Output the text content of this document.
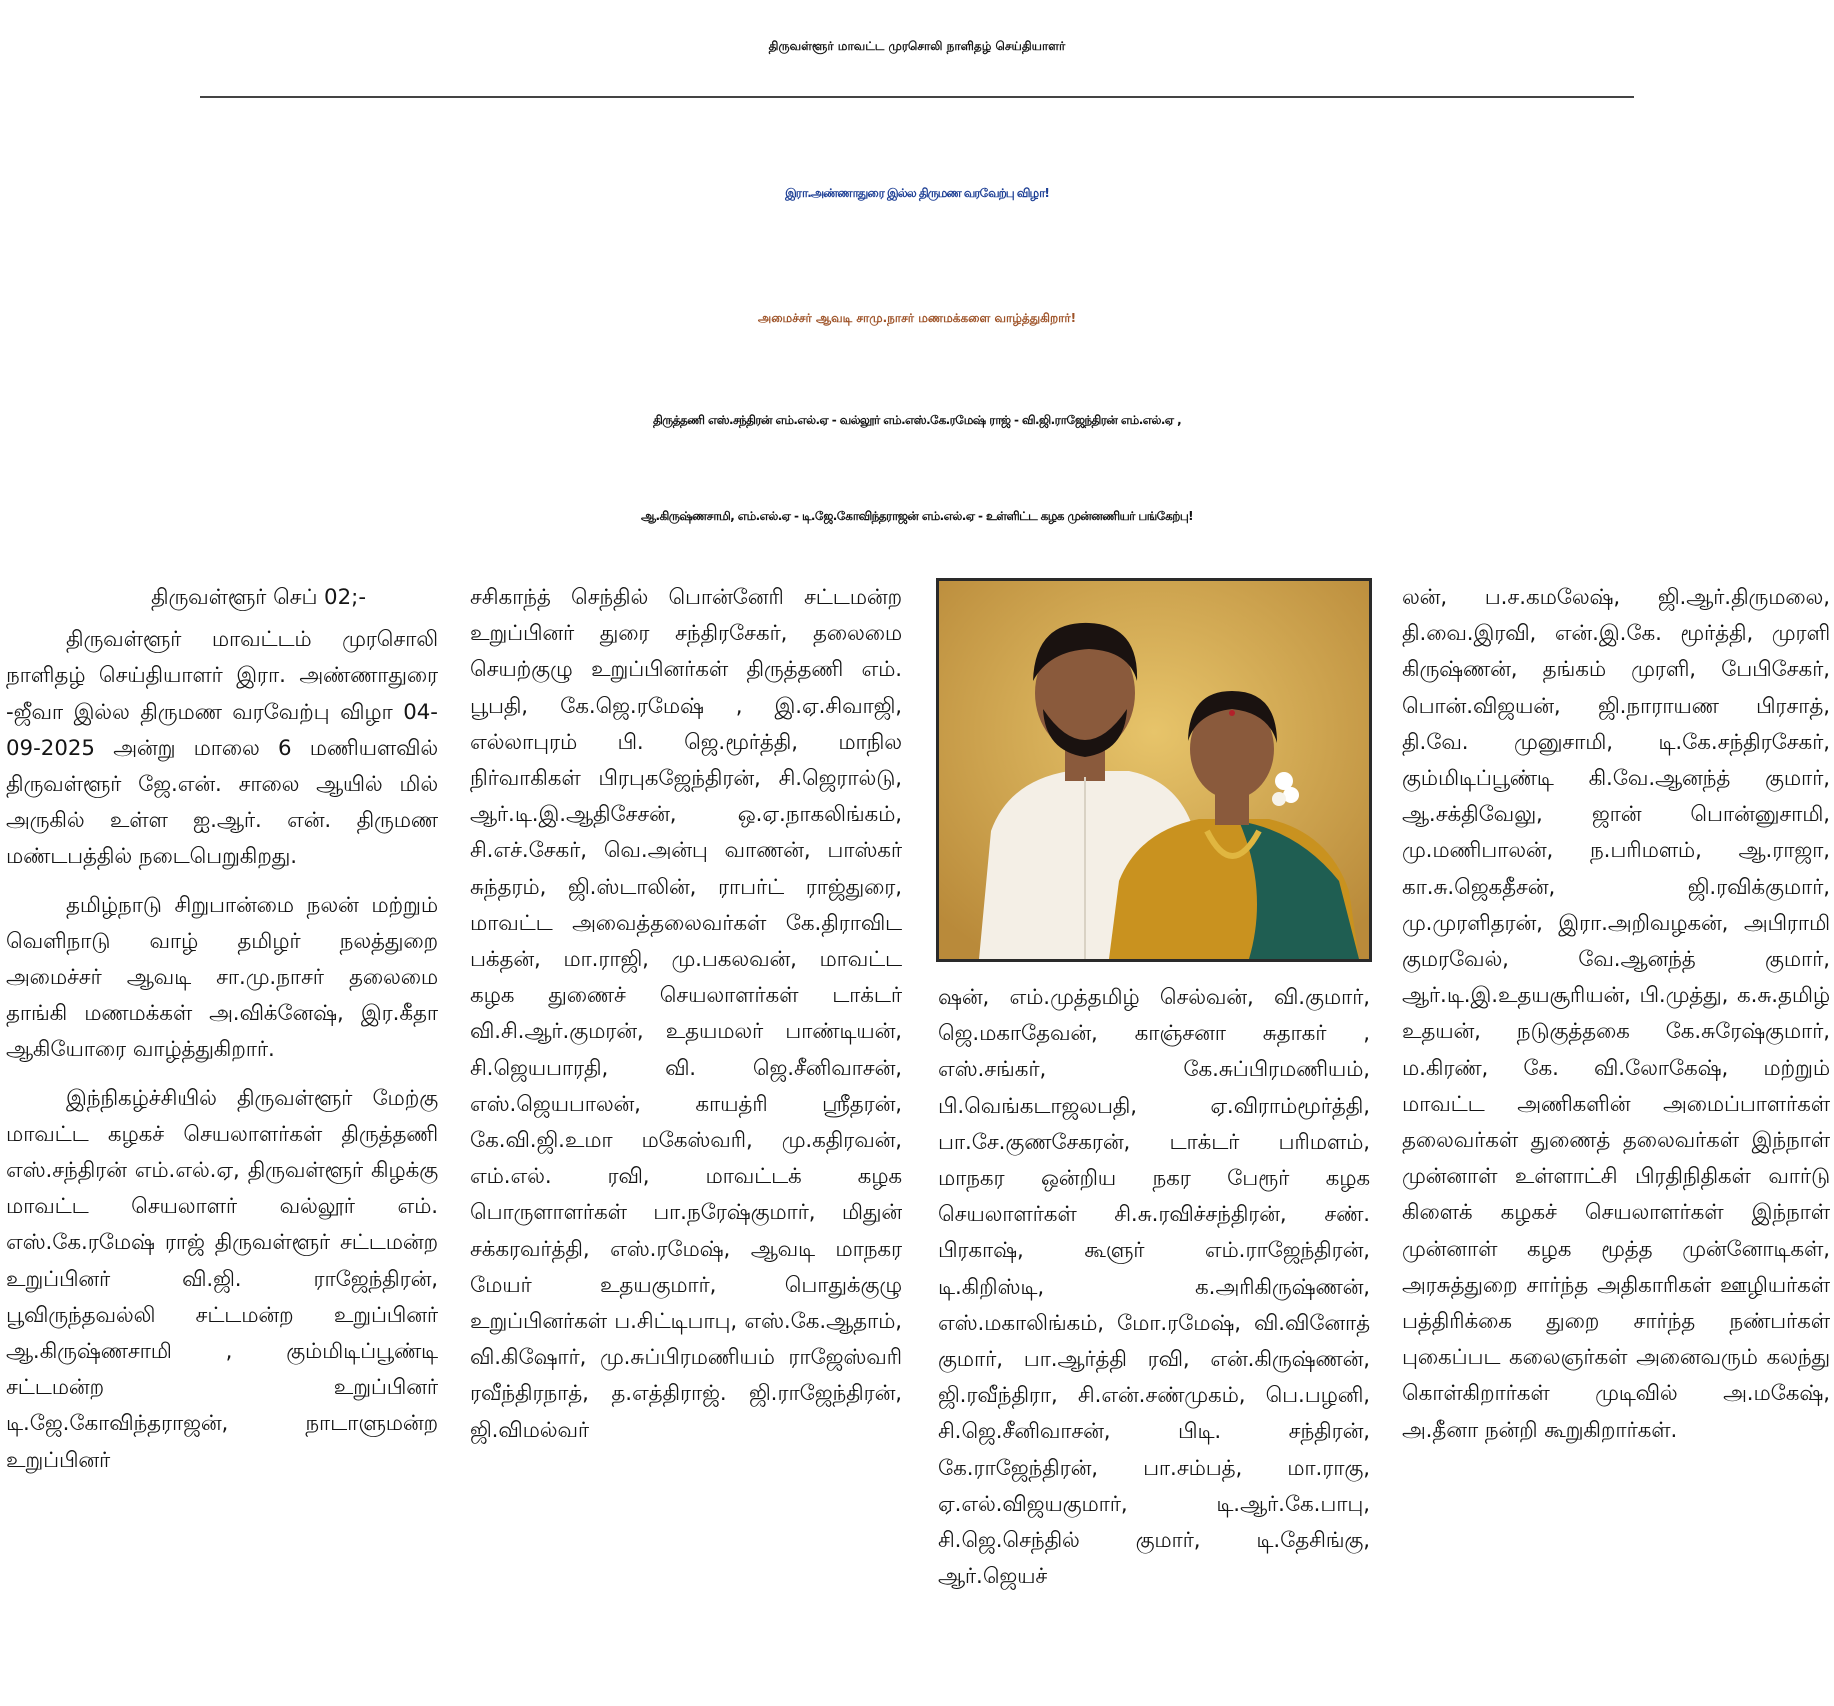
திருவள்ளூர் மாவட்ட முரசொலி நாளிதழ் செய்தியாளர்
இரா.அண்ணாதுரை இல்ல திருமண வரவேற்பு விழா!
அமைச்சர் ஆவடி சாமு.நாசர் மணமக்களை வாழ்த்துகிறார்!
திருத்தணி எஸ்.சந்திரன் எம்.எல்.ஏ - வல்லூர் எம்.எஸ்.கே.ரமேஷ் ராஜ் - வி.ஜி.ராஜேந்திரன் எம்.எல்.ஏ ,
ஆ.கிருஷ்ணசாமி, எம்.எல்.ஏ - டி.ஜே.கோவிந்தராஜன் எம்.எல்.ஏ - உள்ளிட்ட கழக முன்னணியர் பங்கேற்பு!

திருவள்ளூர் செப் 02;-

திருவள்ளூர் மாவட்டம் முரசொலி நாளிதழ் செய்தியாளர் இரா. அண்ணாதுரை -ஜீவா இல்ல திருமண வரவேற்பு விழா 04-09-2025 அன்று மாலை 6 மணியளவில் திருவள்ளூர் ஜே.என். சாலை ஆயில் மில் அருகில் உள்ள ஐ.ஆர். என். திருமண மண்டபத்தில் நடைபெறுகிறது.

தமிழ்நாடு சிறுபான்மை நலன் மற்றும் வெளிநாடு வாழ் தமிழர் நலத்துறை அமைச்சர் ஆவடி சா.மு.நாசர் தலைமை தாங்கி மணமக்கள் அ.விக்னேஷ், இர.கீதா ஆகியோரை வாழ்த்துகிறார்.

இந்நிகழ்ச்சியில் திருவள்ளூர் மேற்கு மாவட்ட கழகச் செயலாளர்கள் திருத்தணி எஸ்.சந்திரன் எம்.எல்.ஏ, திருவள்ளூர் கிழக்கு மாவட்ட செயலாளர் வல்லூர் எம். எஸ்.கே.ரமேஷ் ராஜ் திருவள்ளூர் சட்டமன்ற உறுப்பினர் வி.ஜி. ராஜேந்திரன், பூவிருந்தவல்லி சட்டமன்ற உறுப்பினர் ஆ.கிருஷ்ணசாமி , கும்மிடிப்பூண்டி சட்டமன்ற உறுப்பினர் டி.ஜே.கோவிந்தராஜன், நாடாளுமன்ற உறுப்பினர்

சசிகாந்த் செந்தில் பொன்னேரி சட்டமன்ற உறுப்பினர் துரை சந்திரசேகர், தலைமை செயற்குழு உறுப்பினர்கள் திருத்தணி எம். பூபதி, கே.ஜெ.ரமேஷ் , இ.ஏ.சிவாஜி, எல்லாபுரம் பி. ஜெ.மூர்த்தி, மாநில நிர்வாகிகள் பிரபுகஜேந்திரன், சி.ஜெரால்டு, ஆர்.டி.இ.ஆதிசேசன், ஒ.ஏ.நாகலிங்கம், சி.எச்.சேகர், வெ.அன்பு வாணன், பாஸ்கர் சுந்தரம், ஜி.ஸ்டாலின், ராபர்ட் ராஜ்துரை, மாவட்ட அவைத்தலைவர்கள் கே.திராவிட பக்தன், மா.ராஜி, மு.பகலவன், மாவட்ட கழக துணைச் செயலாளர்கள் டாக்டர் வி.சி.ஆர்.குமரன், உதயமலர் பாண்டியன், சி.ஜெயபாரதி, வி. ஜெ.சீனிவாசன், எஸ்.ஜெயபாலன், காயத்ரி ஸ்ரீதரன், கே.வி.ஜி.உமா மகேஸ்வரி, மு.கதிரவன், எம்.எல். ரவி, மாவட்டக் கழக பொருளாளர்கள் பா.நரேஷ்குமார், மிதுன் சக்கரவர்த்தி, எஸ்.ரமேஷ், ஆவடி மாநகர மேயர் உதயகுமார், பொதுக்குழு உறுப்பினர்கள் ப.சிட்டிபாபு, எஸ்.கே.ஆதாம், வி.கிஷோர், மு.சுப்பிரமணியம் ராஜேஸ்வரி ரவீந்திரநாத், த.எத்திராஜ். ஜி.ராஜேந்திரன், ஜி.விமல்வர்

ஷன், எம்.முத்தமிழ் செல்வன், வி.குமார், ஜெ.மகாதேவன், காஞ்சனா சுதாகர் , எஸ்.சங்கர், கே.சுப்பிரமணியம், பி.வெங்கடாஜலபதி, ஏ.விராம்மூர்த்தி, பா.சே.குணசேகரன், டாக்டர் பரிமளம், மாநகர ஒன்றிய நகர பேரூர் கழக செயலாளர்கள் சி.சு.ரவிச்சந்திரன், சண். பிரகாஷ், கூளுர் எம்.ராஜேந்திரன், டி.கிறிஸ்டி, க.அரிகிருஷ்ணன், எஸ்.மகாலிங்கம், மோ.ரமேஷ், வி.வினோத் குமார், பா.ஆர்த்தி ரவி, என்.கிருஷ்ணன், ஜி.ரவீந்திரா, சி.என்.சண்முகம், பெ.பழனி, சி.ஜெ.சீனிவாசன், பிடி. சந்திரன், கே.ராஜேந்திரன், பா.சம்பத், மா.ராகு, ஏ.எல்.விஜயகுமார், டி.ஆர்.கே.பாபு, சி.ஜெ.செந்தில் குமார், டி.தேசிங்கு, ஆர்.ஜெயச்

லன், ப.ச.கமலேஷ், ஜி.ஆர்.திருமலை, தி.வை.இரவி, என்.இ.கே. மூர்த்தி, முரளி கிருஷ்ணன், தங்கம் முரளி, பேபிசேகர், பொன்.விஜயன், ஜி.நாராயண பிரசாத், தி.வே. முனுசாமி, டி.கே.சந்திரசேகர், கும்மிடிப்பூண்டி கி.வே.ஆனந்த் குமார், ஆ.சக்திவேலு, ஜான் பொன்னுசாமி, மு.மணிபாலன், ந.பரிமளம், ஆ.ராஜா, கா.சு.ஜெகதீசன், ஜி.ரவிக்குமார், மு.முரளிதரன், இரா.அறிவழகன், அபிராமி குமரவேல், வே.ஆனந்த் குமார், ஆர்.டி.இ.உதயசூரியன், பி.முத்து, க.சு.தமிழ் உதயன், நடுகுத்தகை கே.சுரேஷ்குமார், ம.கிரண், கே. வி.லோகேஷ், மற்றும் மாவட்ட அணிகளின் அமைப்பாளர்கள் தலைவர்கள் துணைத் தலைவர்கள் இந்நாள் முன்னாள் உள்ளாட்சி பிரதிநிதிகள் வார்டு கிளைக் கழகச் செயலாளர்கள் இந்நாள் முன்னாள் கழக மூத்த முன்னோடிகள், அரசுத்துறை சார்ந்த அதிகாரிகள் ஊழியர்கள் பத்திரிக்கை துறை சார்ந்த நண்பர்கள் புகைப்பட கலைஞர்கள் அனைவரும் கலந்து கொள்கிறார்கள் முடிவில் அ.மகேஷ், அ.தீனா நன்றி கூறுகிறார்கள்.
